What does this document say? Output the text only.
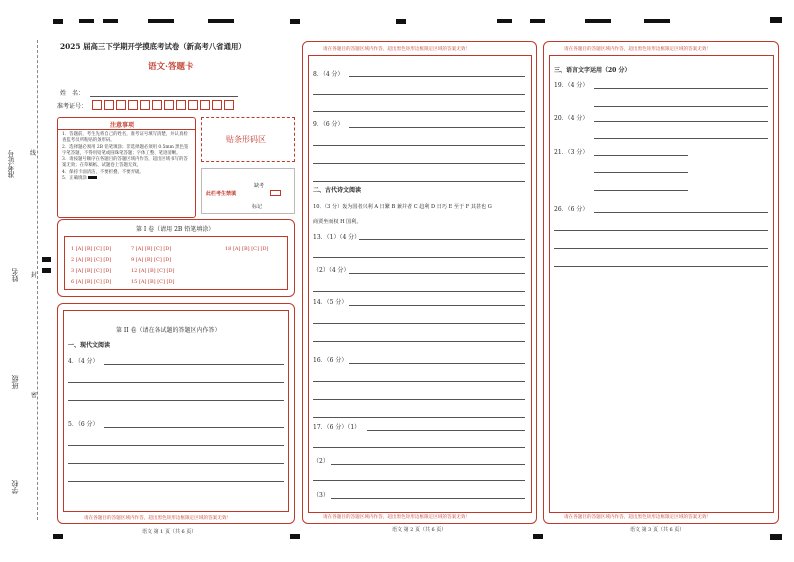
准考证号	线
姓名 封
班级
密
学校
2025 届高三下学期开学摸底考试卷（新高考八省通用）
语文·答题卡
姓　名：
准考证号：
注意事项
1．答题前，考生先将自己的姓名，准考证号填写清楚，并认真检查监考员所粘贴的条形码。
2．选择题必须用 2B 铅笔填涂；非选择题必须用 0.5mm 黑色签字笔答题，不得用铅笔或圆珠笔答题；字体工整、笔迹清晰。
3．请按题号顺序在各题目的答题区域内作答，超出区域书写的答案无效；在草稿纸、试题卷上答题无效。
4．保持卡面清洁，不要折叠、不要弄破。
5．正确填涂
贴条形码区
此栏考生禁填
缺考
标记
第 I 卷（请用 2B 铅笔填涂）
1 [A] [B] [C] [D]
2 [A] [B] [C] [D]
3 [A] [B] [C] [D]
6 [A] [B] [C] [D]
7 [A] [B] [C] [D]
9 [A] [B] [C] [D]
12 [A] [B] [C] [D]
15 [A] [B] [C] [D]
18 [A] [B] [C] [D]
第 II 卷（请在各试题的答题区内作答）
一、现代文阅读
4．（4 分）
5．（6 分）
请在各题目的答题区域内作答，超出黑色矩形边框限定区域的答案无效！
语文 第 1 页（共 6 页）
请在各题目的答题区域内作答，超出黑色矩形边框限定区域的答案无效！
8．（4 分）
9．（6 分）
二、古代诗文阅读
10．（3 分）轰为国者兴利 A 日繁 B 兼并者 C 趋利 D 日巧 E 至于 F 其甚也 G
商贾坐而权 H 国利。
13．（1）（4 分）
（2）（4 分）
14．（5 分）
16．（6 分）
17．（6 分）（1）
（2）
（3）
请在各题目的答题区域内作答，超出黑色矩形边框限定区域的答案无效！
语文 第 2 页（共 6 页）
请在各题目的答题区域内作答，超出黑色矩形边框限定区域的答案无效！
三、语言文字运用（20 分）
19．（4 分）
20．（4 分）
21．（3 分）
26．（6 分）
请在各题目的答题区域内作答，超出黑色矩形边框限定区域的答案无效！
语文 第 3 页（共 6 页）
